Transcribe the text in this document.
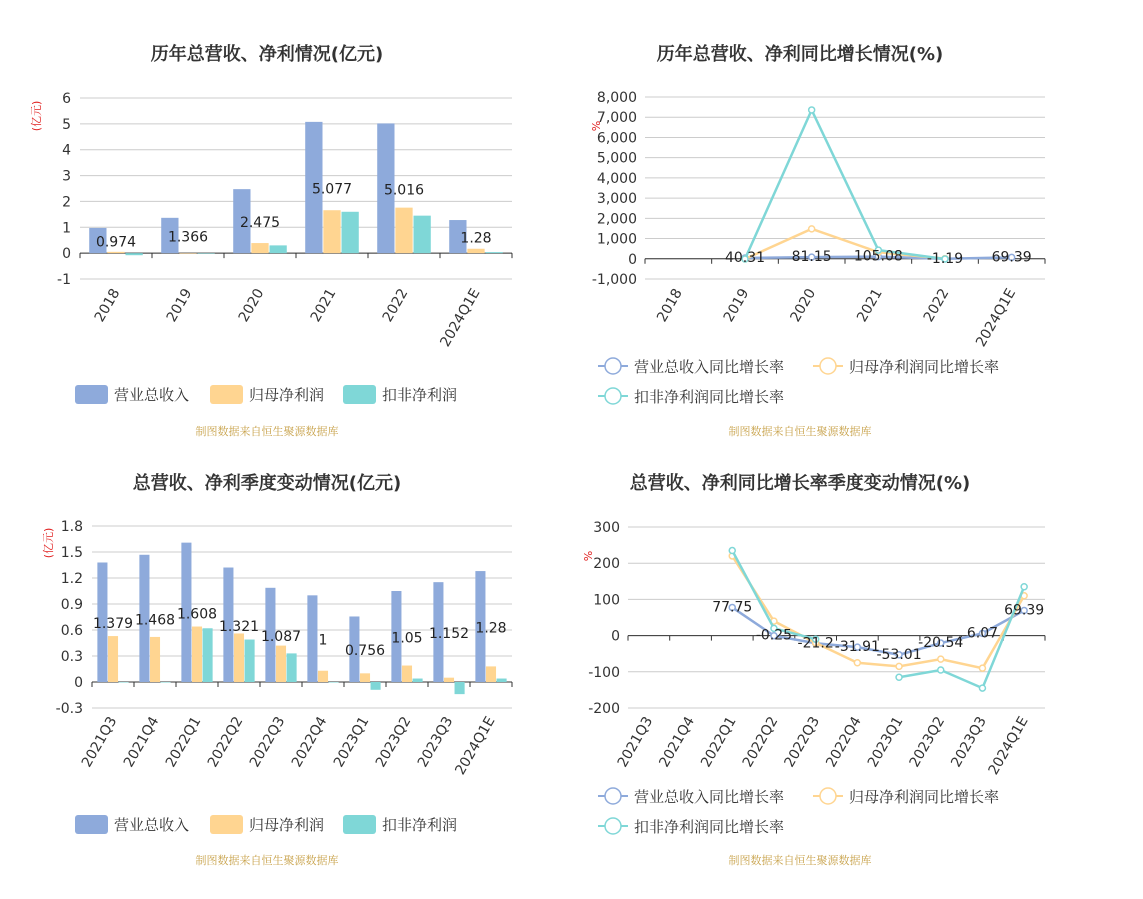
历年总营收、净利情况(亿元)
(亿元)
-1
0
1
2
3
4
5
6
2018	2019	2020	2021	2022 2024Q1E
0.974 1.366
2.475
5.077 5.016
1.28
营业总收入	归母净利润	扣非净利润
制图数据来自恒生聚源数据库
历年总营收、净利同比增长情况(%)
%
-1,000
0
1,000
2,000
3,000
4,000
5,000
6,000
7,000
8,000
2018 2019 2020 2021 2022 2024Q1E
40.31 81.15 105.08 -1.19 69.39
营业总收入同比增长率	归母净利润同比增长率
扣非净利润同比增长率
制图数据来自恒生聚源数据库
总营收、净利季度变动情况(亿元)
(亿元)
-0.3
0
0.3
0.6
0.9
1.2
1.5
1.8
2021Q3 2021Q4 2022Q1 2022Q2 2022Q3 2022Q4 2023Q1 2023Q2 2023Q3
2024Q1E
1.379 1.468 1.608
1.321
1.087 1
0.756
1.05 1.152 1.28
营业总收入	归母净利润	扣非净利润
制图数据来自恒生聚源数据库
总营收、净利同比增长率季度变动情况(%)
%
-200
-100
0
100
200
300
2021Q3 2021Q4 2022Q1 2022Q2 2022Q3 2022Q4 2023Q1 2023Q2 2023Q3
2024Q1E
77.75
-0.25 -21.2 -31.91
-53.01
-20.54
6.07
69.39
营业总收入同比增长率	归母净利润同比增长率
扣非净利润同比增长率
制图数据来自恒生聚源数据库
